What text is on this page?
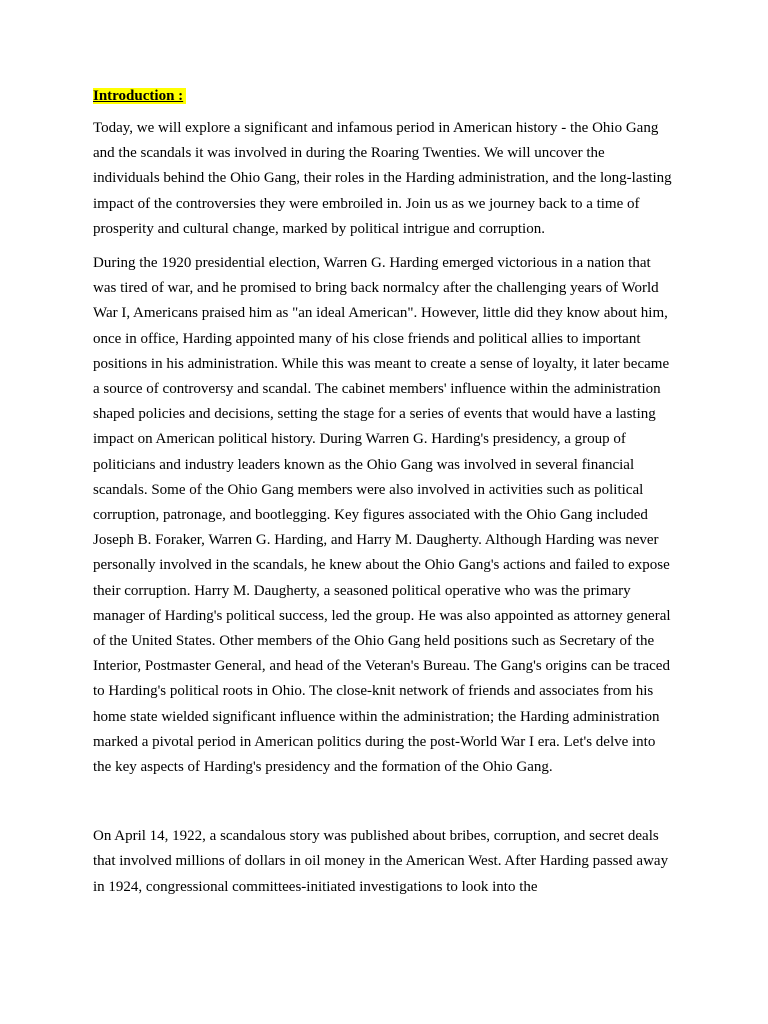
Introduction :

Today, we will explore a significant and infamous period in American history - the Ohio Gang and the scandals it was involved in during the Roaring Twenties. We will uncover the individuals behind the Ohio Gang, their roles in the Harding administration, and the long-lasting impact of the controversies they were embroiled in. Join us as we journey back to a time of prosperity and cultural change, marked by political intrigue and corruption.

During the 1920 presidential election, Warren G. Harding emerged victorious in a nation that was tired of war, and he promised to bring back normalcy after the challenging years of World War I, Americans praised him as "an ideal American". However, little did they know about him, once in office, Harding appointed many of his close friends and political allies to important positions in his administration. While this was meant to create a sense of loyalty, it later became a source of controversy and scandal. The cabinet members' influence within the administration shaped policies and decisions, setting the stage for a series of events that would have a lasting impact on American political history. During Warren G. Harding's presidency, a group of politicians and industry leaders known as the Ohio Gang was involved in several financial scandals. Some of the Ohio Gang members were also involved in activities such as political corruption, patronage, and bootlegging. Key figures associated with the Ohio Gang included Joseph B. Foraker, Warren G. Harding, and Harry M. Daugherty. Although Harding was never personally involved in the scandals, he knew about the Ohio Gang's actions and failed to expose their corruption. Harry M. Daugherty, a seasoned political operative who was the primary manager of Harding's political success, led the group. He was also appointed as attorney general of the United States. Other members of the Ohio Gang held positions such as Secretary of the Interior, Postmaster General, and head of the Veteran's Bureau. The Gang's origins can be traced to Harding's political roots in Ohio. The close-knit network of friends and associates from his home state wielded significant influence within the administration; the Harding administration marked a pivotal period in American politics during the post-World War I era. Let's delve into the key aspects of Harding's presidency and the formation of the Ohio Gang.

On April 14, 1922, a scandalous story was published about bribes, corruption, and secret deals that involved millions of dollars in oil money in the American West. After Harding passed away in 1924, congressional committees-initiated investigations to look into the
